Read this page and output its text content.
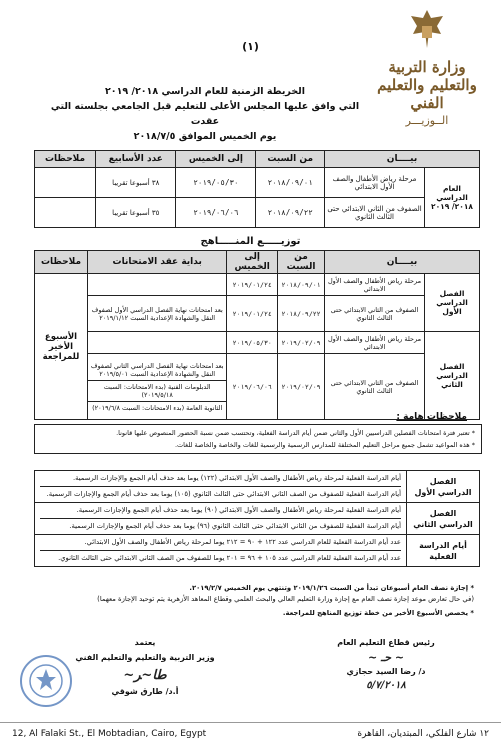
وزارة التربية والتعليم والتعليم الفني
الــوزيـــر
(١)
الخريطة الزمنية للعام الدراسي ٢٠١٨/ ٢٠١٩
التي وافق عليها المجلس الأعلى للتعليم قبل الجامعي بجلسته التي عقدت
يوم الخميس الموافق ٢٠١٨/٧/٥
بيــــان		من السبت	إلى الخميس	عدد الأسابيع	ملاحظات
العام الدراسي ٢٠١٨/ ٢٠١٩	مرحلة رياض الأطفال والصف الأول الابتدائي	٢٠١٨/٠٩/٠١	٢٠١٩/٠٥/٣٠	٣٨ أسبوعا تقريبا	
	الصفوف من الثاني الابتدائي حتى الثالث الثانوي	٢٠١٨/٠٩/٢٢	٢٠١٩/٠٦/٠٦	٣٥ أسبوعا تقريبا	
توزيـــــع المنـــــاهج
بيــــان		من السبت	إلى الخميس	بداية عقد الامتحانات	ملاحظات
الفصل الدراسي الأول	مرحلة رياض الأطفال والصف الأول الابتدائي	٢٠١٨/٠٩/٠١	٢٠١٩/٠١/٢٤		الأسبوع الأخير للمراجعة
	الصفوف من الثاني الابتدائي حتى الثالث الثانوي	٢٠١٨/٠٩/٢٢	٢٠١٩/٠١/٢٤	بعد امتحانات نهاية الفصل الدراسي الأول لصفوف النقل والشهادة الإعدادية السبت ٢٠١٩/١/١٢	
الفصل الدراسي الثاني	مرحلة رياض الأطفال والصف الأول الابتدائي	٢٠١٩/٠٢/٠٩	٢٠١٩/٠٥/٣٠		
	الصفوف من الثاني الابتدائي حتى الثالث الثانوي	٢٠١٩/٠٢/٠٩	٢٠١٩/٠٦/٠٦	بعد امتحانات نهاية الفصل الدراسي الثاني لصفوف النقل والشهادة الإعدادية السبت ٢٠١٩/٥/٠١
الدبلومات الفنية (بدء الامتحانات: السبت ٢٠١٩/٥/١٨)
الثانوية العامة (بدء الامتحانات: السبت ٢٠١٩/٦/٨)	
ملاحظات هامة :
* تعتبر فترة امتحانات الفصلين الدراسيين الأول والثاني ضمن أيام الدراسة الفعلية، وتحتسب ضمن نسبة الحضور المنصوص عليها قانونا.
* هذه المواعيد تشمل جميع مراحل التعليم المختلفة للمدارس الرسمية والرسمية للغات والخاصة والخاصة للغات.
الفصل الدراسي الأول	أيام الدراسة الفعلية لمرحلة رياض الأطفال والصف الأول الابتدائي (١٢٢) يوما بعد حذف أيام الجمع والإجازات الرسمية.
أيام الدراسة الفعلية للصفوف من الصف الثاني الابتدائي حتى الثالث الثانوي (١٠٥) يوما بعد حذف أيام الجمع والإجازات الرسمية.

الفصل الدراسي الثاني	أيام الدراسة الفعلية لمرحلة رياض الأطفال والصف الأول الابتدائي (٩٠) يوما بعد حذف أيام الجمع والإجازات الرسمية.
أيام الدراسة الفعلية للصفوف من الثاني الابتدائي حتى الثالث الثانوي (٩٦) يوما بعد حذف أيام الجمع والإجازات الرسمية.

أيام الدراسة الفعلية	عدد أيام الدراسة الفعلية للعام الدراسي عدد ١٢٢ + ٩٠ = ٢١٢ يوما لمرحلة رياض الأطفال والصف الأول الابتدائي.
عدد أيام الدراسة الفعلية للعام الدراسي عدد ١٠٥ + ٩٦ = ٢٠١ يوما للصفوف من الصف الثاني الابتدائي حتى الثالث الثانوي.
* إجازة نصف العام أسبوعان تبدأ من السبت ٢٠١٩/١/٢٦ وتنتهي يوم الخميس ٢٠١٩/٢/٧.
(في حال تعارض موعد إجازة نصف العام مع إجازة وزارة التعليم العالي والبحث العلمي وقطاع المعاهد الأزهرية يتم توحيد الإجازة معهما)
* يخصص الأسبوع الأخير من خطة توزيع المناهج للمراجعة.
رئيس قطاع التعليم العام
~ حـ ~
د/ رضا السيد حجازي
٥/٧/٢٠١٨
يعتمد
وزير التربية والتعليم والتعليم الفني
ﻃﺎ~ﺮ~
أ.د/ طارق شوقي
١٢ شارع الفلكي، المبتديان، القاهرة
12, Al Falaki St., El Mobtadian, Cairo, Egypt
